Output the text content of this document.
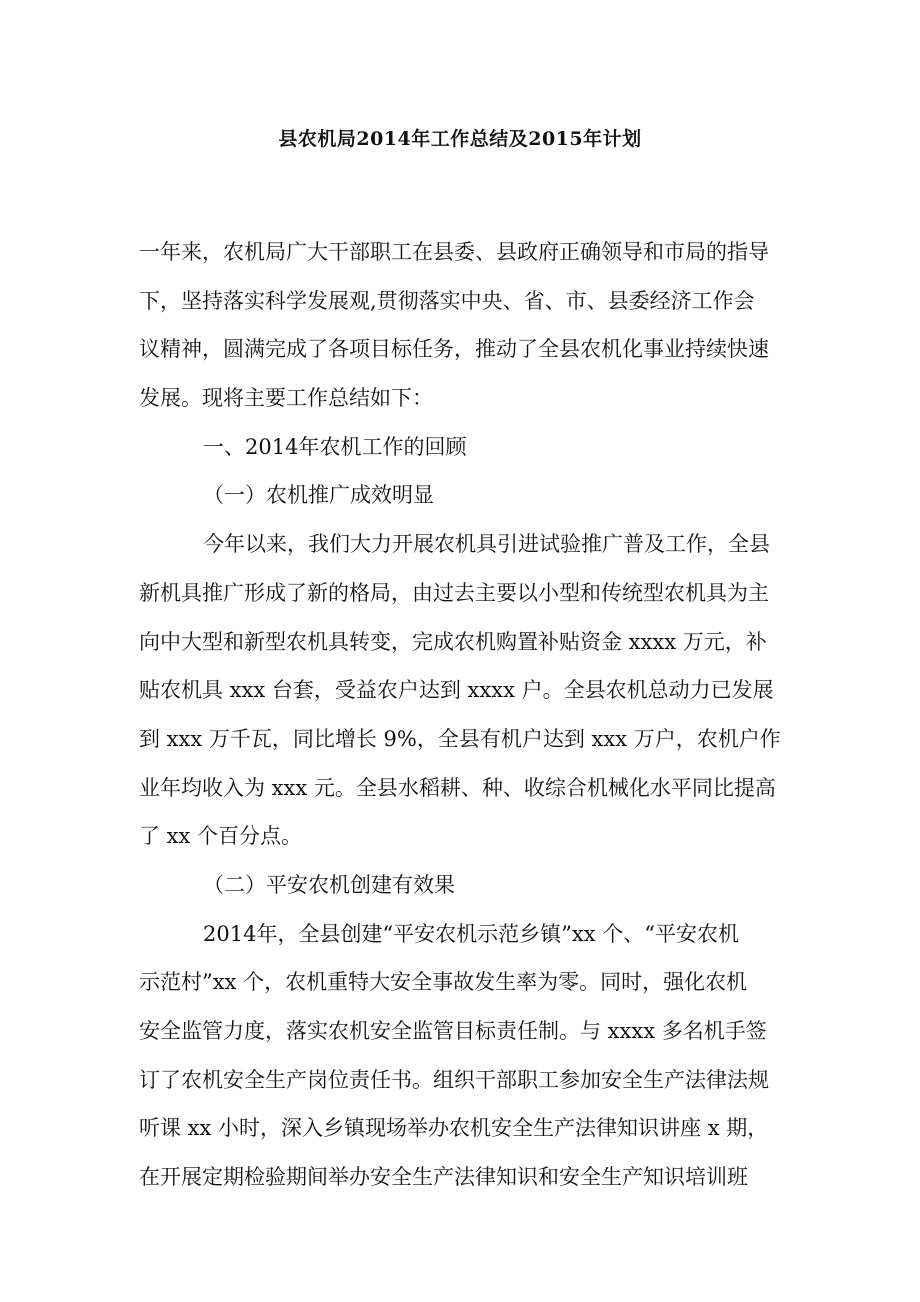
县农机局2014年工作总结及2015年计划
一年来，农机局广大干部职工在县委、县政府正确领导和市局的指导
下，坚持落实科学发展观,贯彻落实中央、省、市、县委经济工作会
议精神，圆满完成了各项目标任务，推动了全县农机化事业持续快速
发展。现将主要工作总结如下：
一、2014年农机工作的回顾
（一）农机推广成效明显
今年以来，我们大力开展农机具引进试验推广普及工作，全县
新机具推广形成了新的格局，由过去主要以小型和传统型农机具为主
向中大型和新型农机具转变，完成农机购置补贴资金 xxxx 万元，补
贴农机具 xxx 台套，受益农户达到 xxxx 户。全县农机总动力已发展
到 xxx 万千瓦，同比增长 9%，全县有机户达到 xxx 万户，农机户作
业年均收入为 xxx 元。全县水稻耕、种、收综合机械化水平同比提高
了 xx 个百分点。
（二）平安农机创建有效果
2014年，全县创建“平安农机示范乡镇”xx 个、“平安农机
示范村”xx 个，农机重特大安全事故发生率为零。同时，强化农机
安全监管力度，落实农机安全监管目标责任制。与 xxxx 多名机手签
订了农机安全生产岗位责任书。组织干部职工参加安全生产法律法规
听课 xx 小时，深入乡镇现场举办农机安全生产法律知识讲座 x 期，
在开展定期检验期间举办安全生产法律知识和安全生产知识培训班
